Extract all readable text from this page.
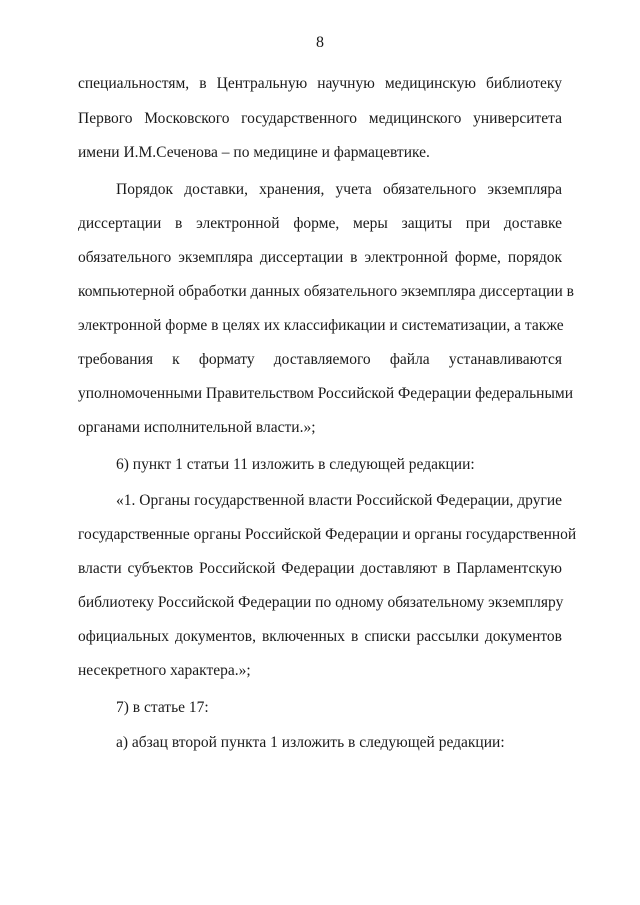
8
специальностям, в Центральную научную медицинскую библиотеку
Первого Московского государственного медицинского университета
имени И.М.Сеченова – по медицине и фармацевтике.
Порядок доставки, хранения, учета обязательного экземпляра
диссертации в электронной форме, меры защиты при доставке
обязательного экземпляра диссертации в электронной форме, порядок
компьютерной обработки данных обязательного экземпляра диссертации в
электронной форме в целях их классификации и систематизации, а также
требования к формату доставляемого файла устанавливаются
уполномоченными Правительством Российской Федерации федеральными
органами исполнительной власти.»;
6) пункт 1 статьи 11 изложить в следующей редакции:
«1. Органы государственной власти Российской Федерации, другие
государственные органы Российской Федерации и органы государственной
власти субъектов Российской Федерации доставляют в Парламентскую
библиотеку Российской Федерации по одному обязательному экземпляру
официальных документов, включенных в списки рассылки документов
несекретного характера.»;
7) в статье 17:
а) абзац второй пункта 1 изложить в следующей редакции:
